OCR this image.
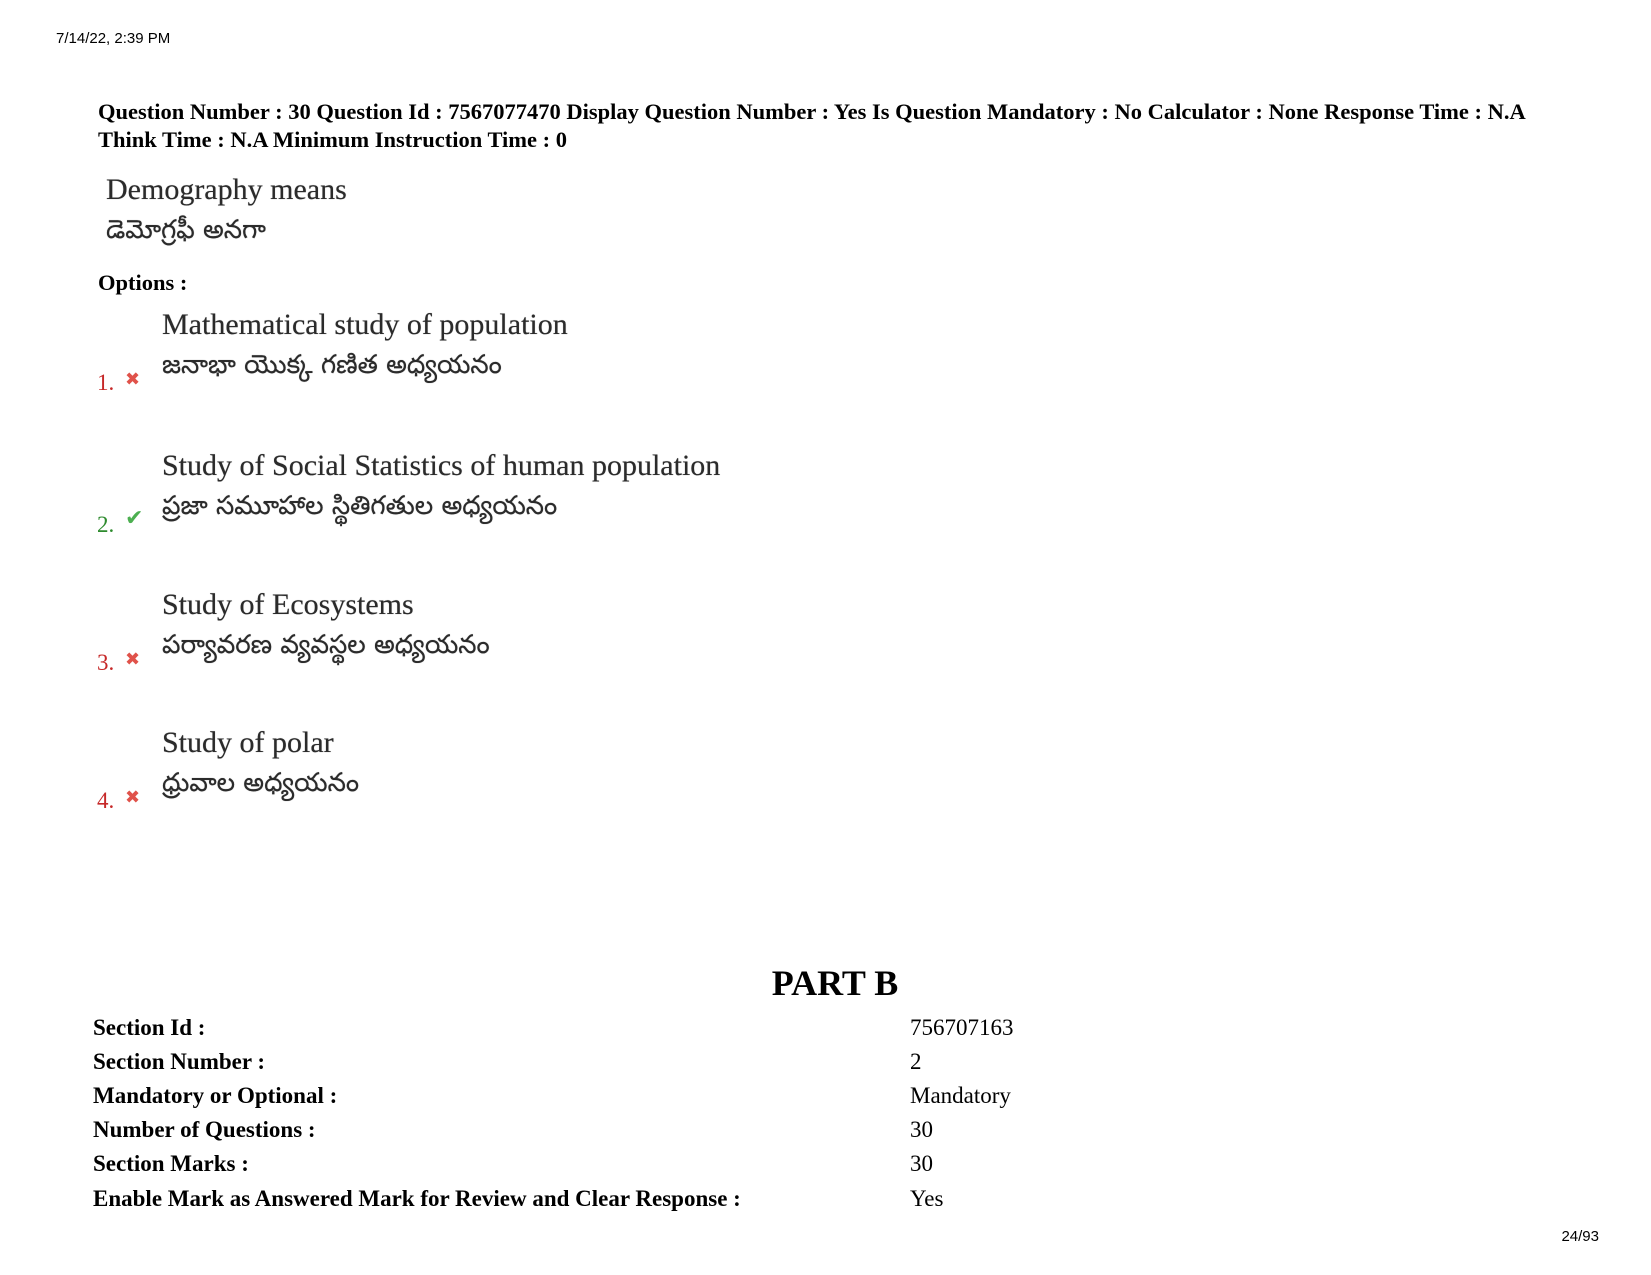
7/14/22, 2:39 PM
Question Number : 30 Question Id : 7567077470 Display Question Number : Yes Is Question Mandatory : No Calculator : None Response Time : N.A Think Time : N.A Minimum Instruction Time : 0
Demography means
డెమోగ్రఫీ అనగా
Options :
1. ✖
Mathematical study of population
జనాభా యొక్క గణిత అధ్యయనం
2. ✔
Study of Social Statistics of human population
ప్రజా సమూహాల స్థితిగతుల అధ్యయనం
3. ✖
Study of Ecosystems
పర్యావరణ వ్యవస్థల అధ్యయనం
4. ✖
Study of polar
ధ్రువాల అధ్యయనం
PART B
Section Id :	756707163
Section Number :	2
Mandatory or Optional :	Mandatory
Number of Questions :	30
Section Marks :	30
Enable Mark as Answered Mark for Review and Clear Response :	Yes
24/93
